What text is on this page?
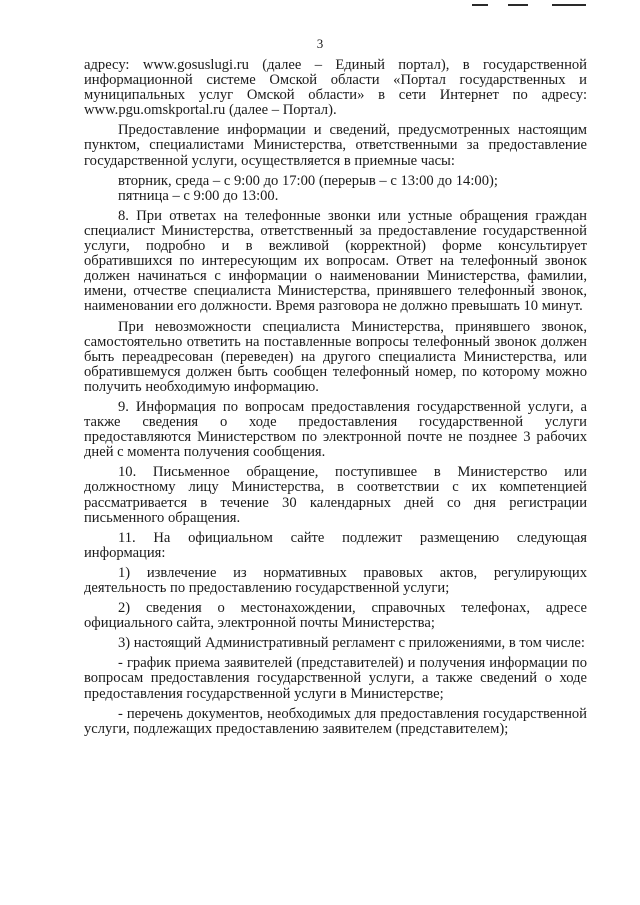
3

адресу: www.gosuslugi.ru (далее – Единый портал), в государственной информационной системе Омской области «Портал государственных и муниципальных услуг Омской области» в сети Интернет по адресу: www.pgu.omskportal.ru (далее – Портал).

Предоставление информации и сведений, предусмотренных настоящим пунктом, специалистами Министерства, ответственными за предоставление государственной услуги, осуществляется в приемные часы:

вторник, среда – с 9:00 до 17:00 (перерыв – с 13:00 до 14:00);

пятница – с 9:00 до 13:00.

8. При ответах на телефонные звонки или устные обращения граждан специалист Министерства, ответственный за предоставление государственной услуги, подробно и в вежливой (корректной) форме консультирует обратившихся по интересующим их вопросам. Ответ на телефонный звонок должен начинаться с информации о наименовании Министерства, фамилии, имени, отчестве специалиста Министерства, принявшего телефонный звонок, наименовании его должности. Время разговора не должно превышать 10 минут.

При невозможности специалиста Министерства, принявшего звонок, самостоятельно ответить на поставленные вопросы телефонный звонок должен быть переадресован (переведен) на другого специалиста Министерства, или обратившемуся должен быть сообщен телефонный номер, по которому можно получить необходимую информацию.

9. Информация по вопросам предоставления государственной услуги, а также сведения о ходе предоставления государственной услуги предоставляются Министерством по электронной почте не позднее 3 рабочих дней с момента получения сообщения.

10. Письменное обращение, поступившее в Министерство или должностному лицу Министерства, в соответствии с их компетенцией рассматривается в течение 30 календарных дней со дня регистрации письменного обращения.

11. На официальном сайте подлежит размещению следующая информация:

1) извлечение из нормативных правовых актов, регулирующих деятельность по предоставлению государственной услуги;

2) сведения о местонахождении, справочных телефонах, адресе официального сайта, электронной почты Министерства;

3) настоящий Административный регламент с приложениями, в том числе:

- график приема заявителей (представителей) и получения информации по вопросам предоставления государственной услуги, а также сведений о ходе предоставления государственной услуги в Министерстве;

- перечень документов, необходимых для предоставления государственной услуги, подлежащих предоставлению заявителем (представителем);
